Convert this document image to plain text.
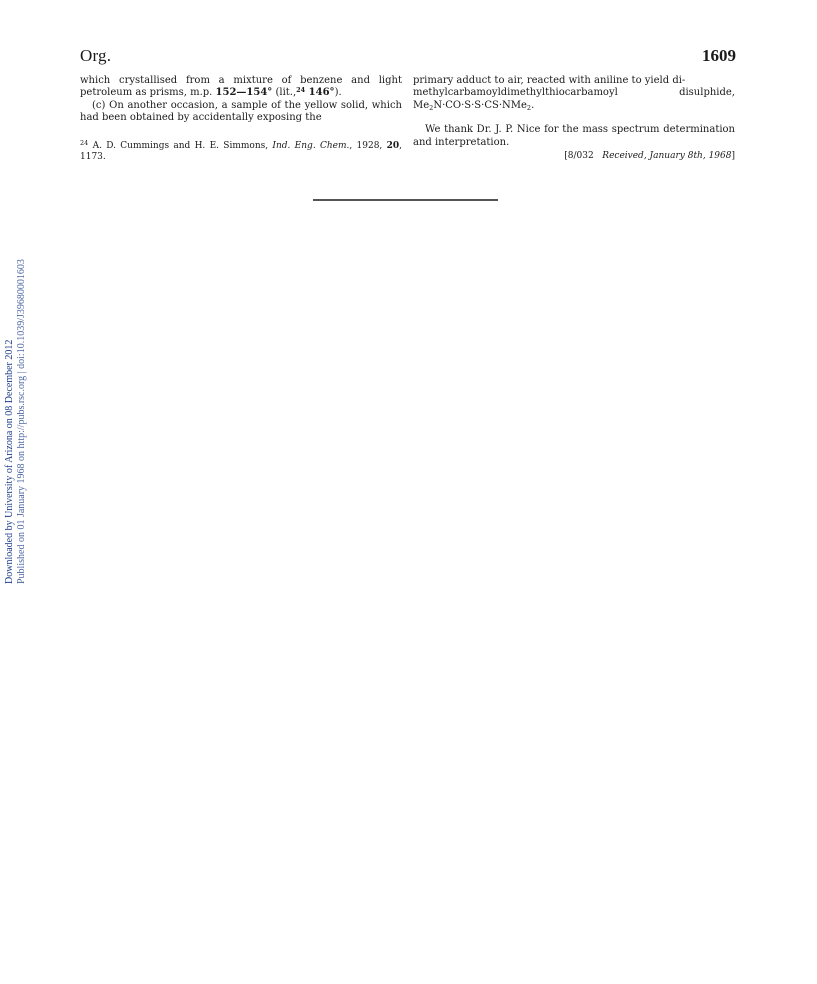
Org.	1609

which crystallised from a mixture of benzene and light petroleum as prisms, m.p. 152—154° (lit.,$^{24}$ 146°).

(c) On another occasion, a sample of the yellow solid, which had been obtained by accidentally exposing the

$^{24}$ A. D. Cummings and H. E. Simmons, Ind. Eng. Chem., 1928, 20, 1173.

primary adduct to air, reacted with aniline to yield di-
methylcarbamoyldimethylthiocarbamoyl	disulphide,
$Me_2N\cdot CO\cdot S\cdot S\cdot CS\cdot NMe_2$.

We thank Dr. J. P. Nice for the mass spectrum determination and interpretation.

[8/032 Received, January 8th, 1968]

Downloaded by University of Arizona on 08 December 2012 Published on 01 January 1968 on http://pubs.rsc.org | doi:10.1039/J39680001603
